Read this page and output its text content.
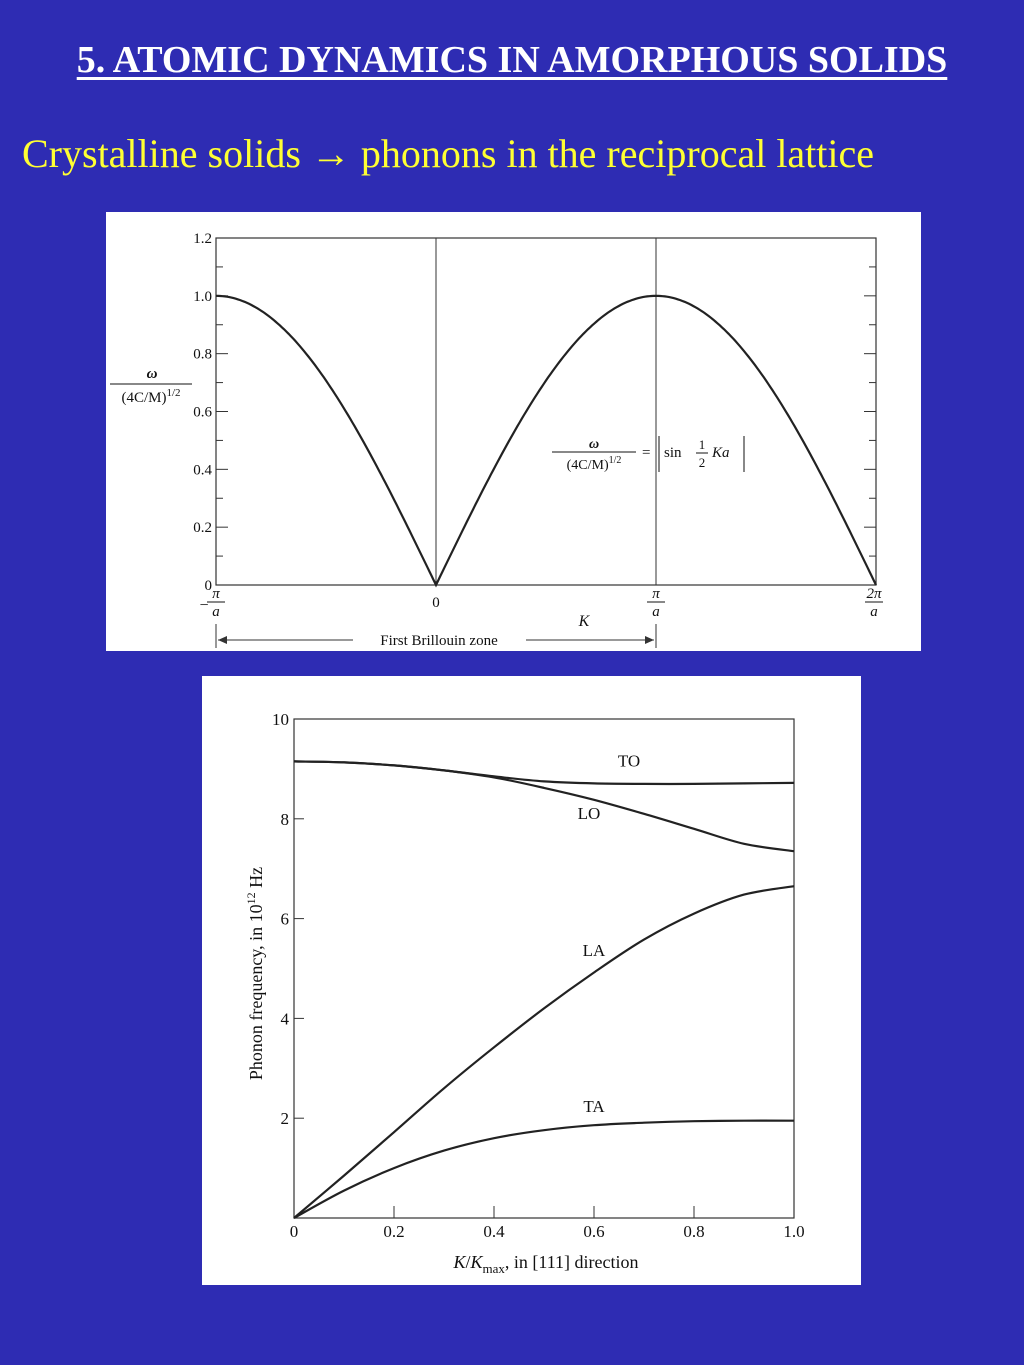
5. ATOMIC DYNAMICS IN AMORPHOUS SOLIDS
Crystalline solids → phonons in the reciprocal lattice
0
0.2
0.4
0.6
0.8
1.0
1.2
ω
$(4C/M)^{1/2}$
−
π
a
0
π
a
2π
a
K
First Brillouin zone
ω
$(4C/M)^{1/2} = \sin$
1
2
Ka
2
4
6
8
10
0	0.2	0.4	0.6	0.8	1.0
$K/K_{max}$, in [111] direction
Phonon frequency, in $10^{12}$ Hz
TO
LO
LA
TA
